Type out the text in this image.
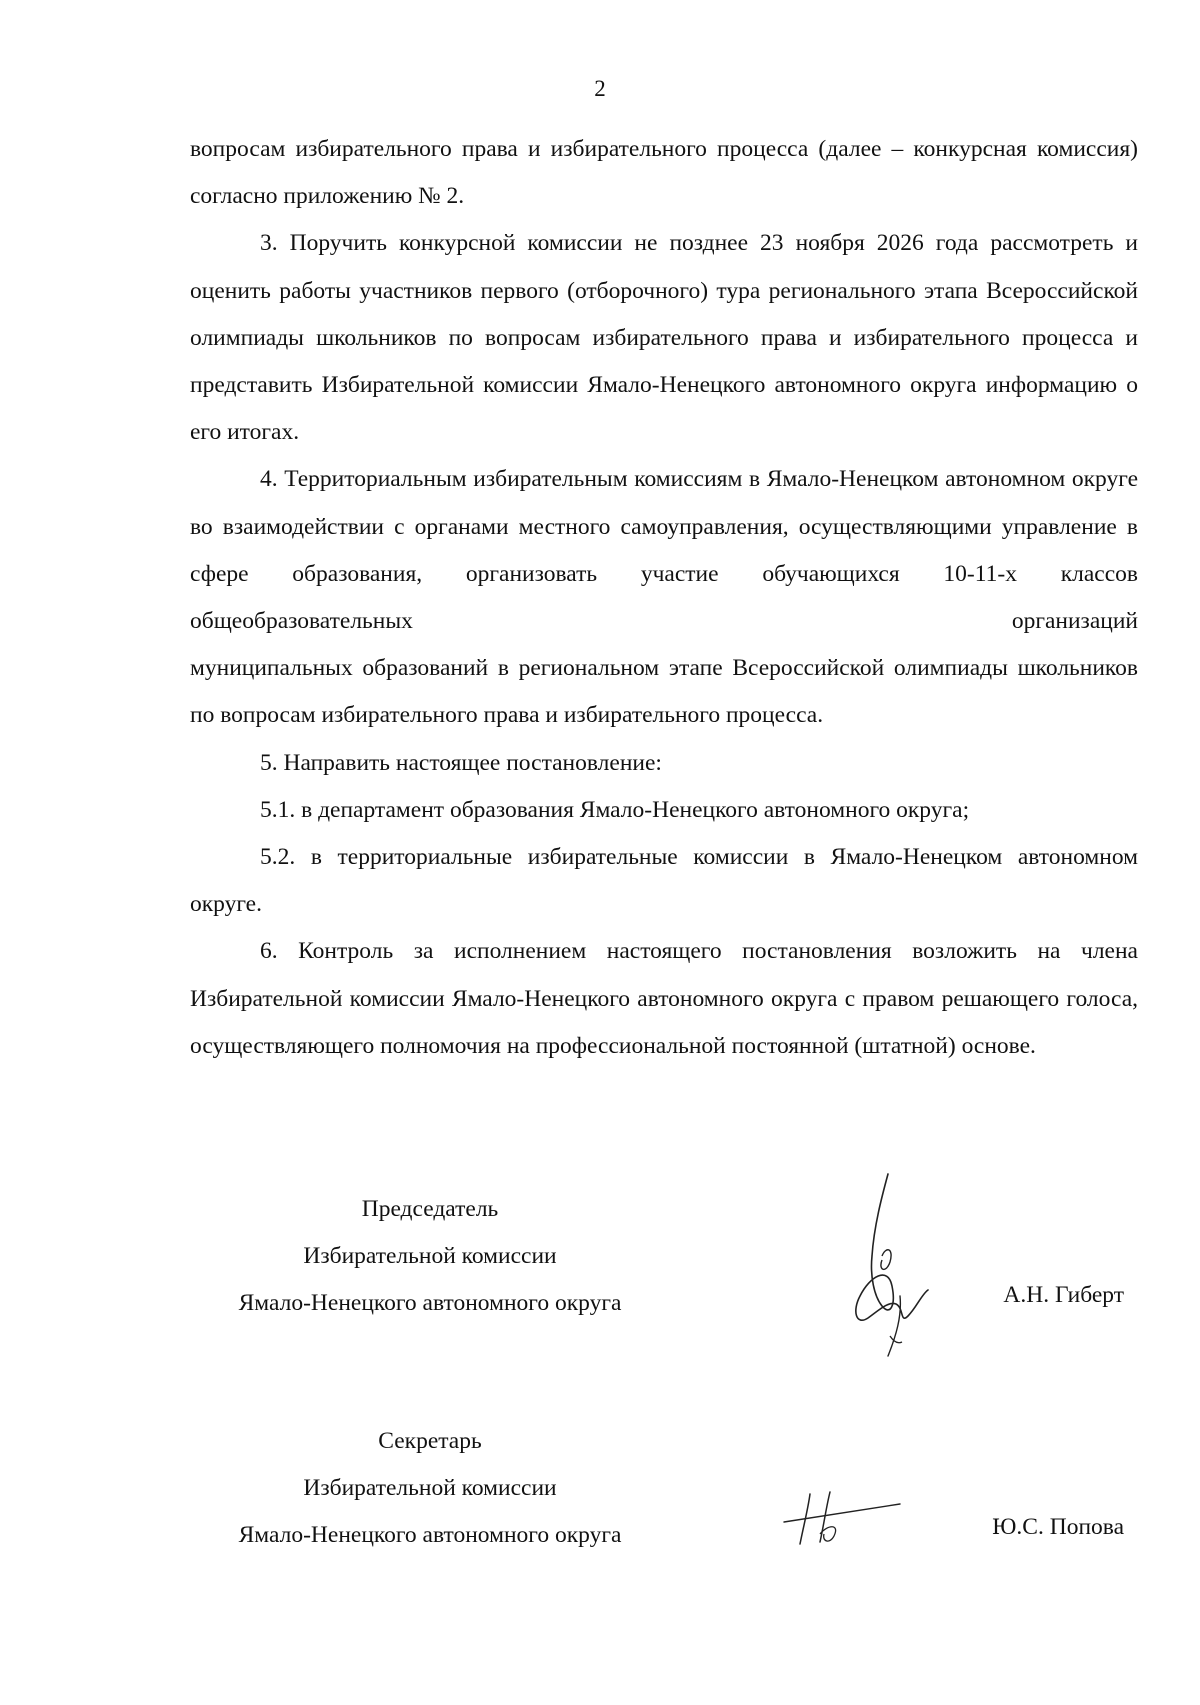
2

вопросам избирательного права и избирательного процесса (далее – конкурсная комиссия) согласно приложению № 2.

3. Поручить конкурсной комиссии не позднее 23 ноября 2026 года рассмотреть и оценить работы участников первого (отборочного) тура регионального этапа Всероссийской олимпиады школьников по вопросам избирательного права и избирательного процесса и представить Избирательной комиссии Ямало-Ненецкого автономного округа информацию о его итогах.

4. Территориальным избирательным комиссиям в Ямало-Ненецком автономном округе во взаимодействии с органами местного самоуправления, осуществляющими управление в сфере образования, организовать участие обучающихся 10-11-х классов общеобразовательных организаций

муниципальных образований в региональном этапе Всероссийской олимпиады школьников по вопросам избирательного права и избирательного процесса.

5. Направить настоящее постановление:

5.1. в департамент образования Ямало-Ненецкого автономного округа;

5.2. в территориальные избирательные комиссии в Ямало-Ненецком автономном округе.

6. Контроль за исполнением настоящего постановления возложить на члена Избирательной комиссии Ямало-Ненецкого автономного округа с правом решающего голоса, осуществляющего полномочия на профессиональной постоянной (штатной) основе.

Председатель
Избирательной комиссии
Ямало-Ненецкого автономного округа	А.Н. Гиберт
Секретарь
Избирательной комиссии
Ямало-Ненецкого автономного округа	Ю.С. Попова
